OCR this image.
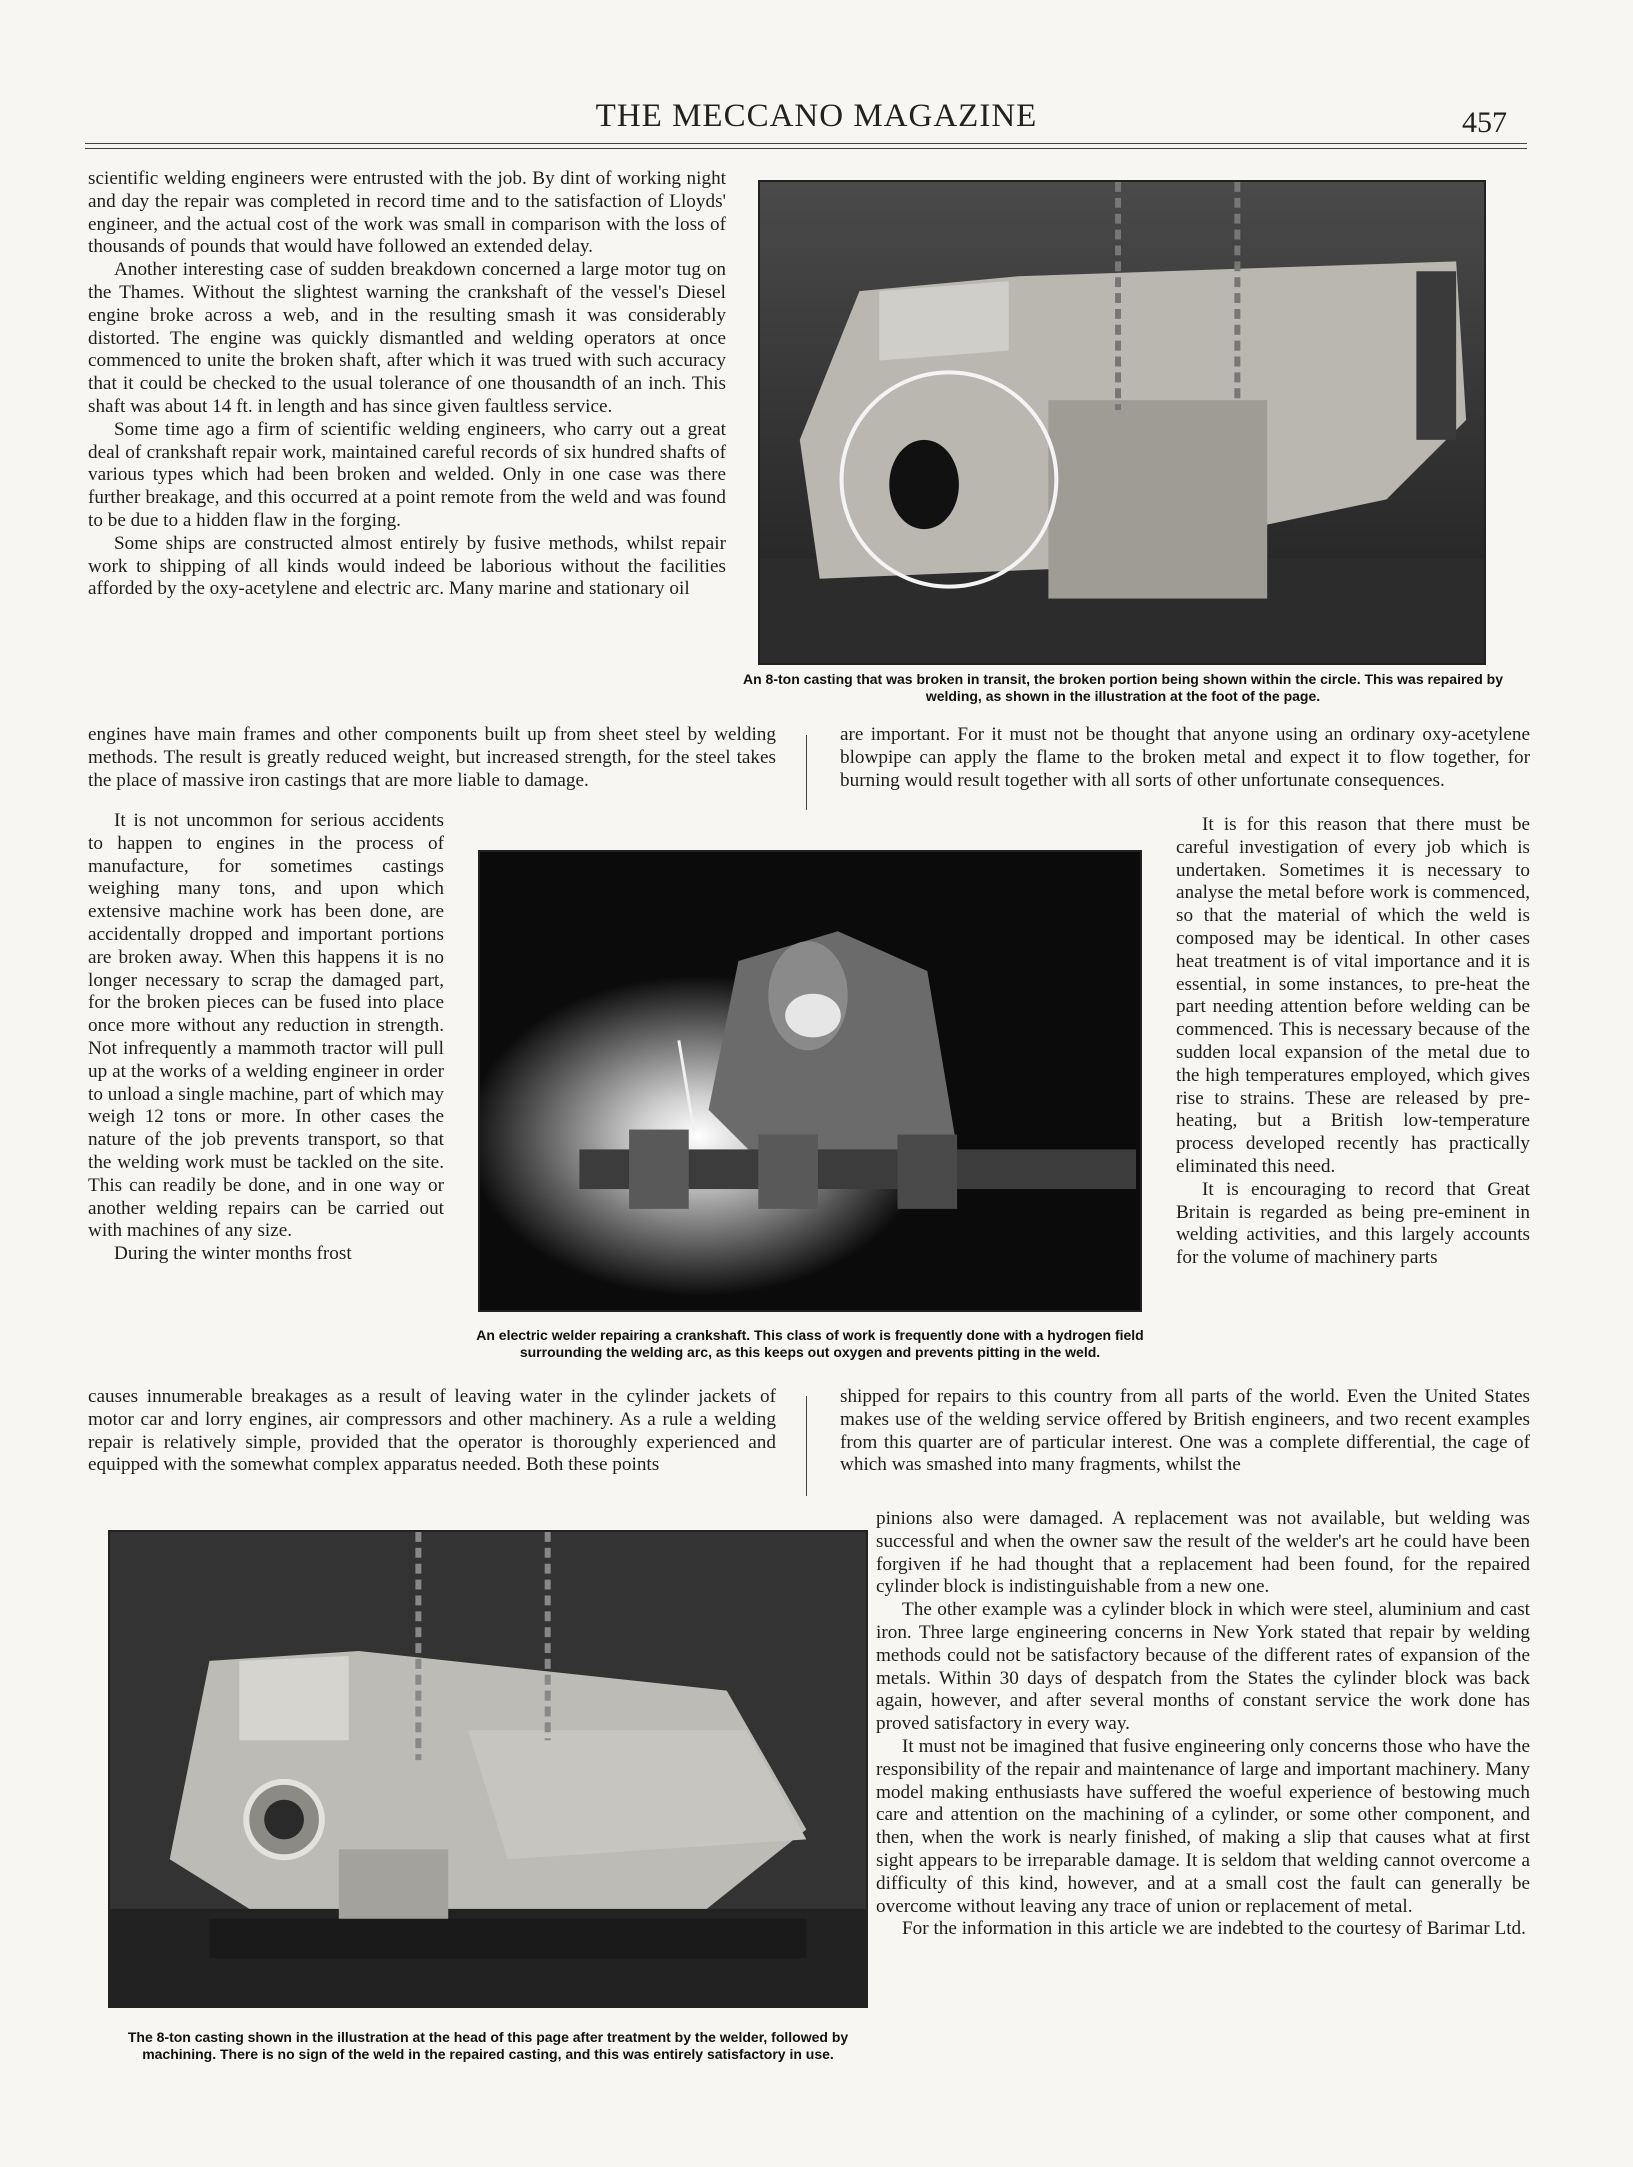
THE MECCANO MAGAZINE	457

scientific welding engineers were entrusted with the job. By dint of working night and day the repair was completed in record time and to the satisfaction of Lloyds' engineer, and the actual cost of the work was small in comparison with the loss of thousands of pounds that would have followed an extended delay.

Another interesting case of sudden breakdown concerned a large motor tug on the Thames. Without the slightest warning the crankshaft of the vessel's Diesel engine broke across a web, and in the resulting smash it was considerably distorted. The engine was quickly dismantled and welding operators at once commenced to unite the broken shaft, after which it was trued with such accuracy that it could be checked to the usual tolerance of one thousandth of an inch. This shaft was about 14 ft. in length and has since given faultless service.

Some time ago a firm of scientific welding engineers, who carry out a great deal of crankshaft repair work, maintained careful records of six hundred shafts of various types which had been broken and welded. Only in one case was there further breakage, and this occurred at a point remote from the weld and was found to be due to a hidden flaw in the forging.

Some ships are constructed almost entirely by fusive methods, whilst repair work to shipping of all kinds would indeed be laborious without the facilities afforded by the oxy-acetylene and electric arc. Many marine and stationary oil

An 8-ton casting that was broken in transit, the broken portion being shown within the circle. This was repaired by welding, as shown in the illustration at the foot of the page.

engines have main frames and other components built up from sheet steel by welding methods. The result is greatly reduced weight, but increased strength, for the steel takes the place of massive iron castings that are more liable to damage.

are important. For it must not be thought that anyone using an ordinary oxy-acetylene blowpipe can apply the flame to the broken metal and expect it to flow together, for burning would result together with all sorts of other unfortunate consequences.

It is not uncommon for serious accidents to happen to engines in the process of manufacture, for sometimes castings weighing many tons, and upon which extensive machine work has been done, are accidentally dropped and important portions are broken away. When this happens it is no longer necessary to scrap the damaged part, for the broken pieces can be fused into place once more without any reduction in strength. Not infrequently a mammoth tractor will pull up at the works of a welding engineer in order to unload a single machine, part of which may weigh 12 tons or more. In other cases the nature of the job prevents transport, so that the welding work must be tackled on the site. This can readily be done, and in one way or another welding repairs can be carried out with machines of any size.

During the winter months frost

An electric welder repairing a crankshaft. This class of work is frequently done with a hydrogen field surrounding the welding arc, as this keeps out oxygen and prevents pitting in the weld.

It is for this reason that there must be careful investigation of every job which is undertaken. Sometimes it is necessary to analyse the metal before work is commenced, so that the material of which the weld is composed may be identical. In other cases heat treatment is of vital importance and it is essential, in some instances, to pre-heat the part needing attention before welding can be commenced. This is necessary because of the sudden local expansion of the metal due to the high temperatures employed, which gives rise to strains. These are released by pre-heating, but a British low-temperature process developed recently has practically eliminated this need.

It is encouraging to record that Great Britain is regarded as being pre-eminent in welding activities, and this largely accounts for the volume of machinery parts

causes innumerable breakages as a result of leaving water in the cylinder jackets of motor car and lorry engines, air compressors and other machinery. As a rule a welding repair is relatively simple, provided that the operator is thoroughly experienced and equipped with the somewhat complex apparatus needed. Both these points

shipped for repairs to this country from all parts of the world. Even the United States makes use of the welding service offered by British engineers, and two recent examples from this quarter are of particular interest. One was a complete differential, the cage of which was smashed into many fragments, whilst the

The 8-ton casting shown in the illustration at the head of this page after treatment by the welder, followed by machining. There is no sign of the weld in the repaired casting, and this was entirely satisfactory in use.

pinions also were damaged. A replacement was not available, but welding was successful and when the owner saw the result of the welder's art he could have been forgiven if he had thought that a replacement had been found, for the repaired cylinder block is indistinguishable from a new one.

The other example was a cylinder block in which were steel, aluminium and cast iron. Three large engineering concerns in New York stated that repair by welding methods could not be satisfactory because of the different rates of expansion of the metals. Within 30 days of despatch from the States the cylinder block was back again, however, and after several months of constant service the work done has proved satisfactory in every way.

It must not be imagined that fusive engineering only concerns those who have the responsibility of the repair and maintenance of large and important machinery. Many model making enthusiasts have suffered the woeful experience of bestowing much care and attention on the machining of a cylinder, or some other component, and then, when the work is nearly finished, of making a slip that causes what at first sight appears to be irreparable damage. It is seldom that welding cannot overcome a difficulty of this kind, however, and at a small cost the fault can generally be overcome without leaving any trace of union or replacement of metal.

For the information in this article we are indebted to the courtesy of Barimar Ltd.
